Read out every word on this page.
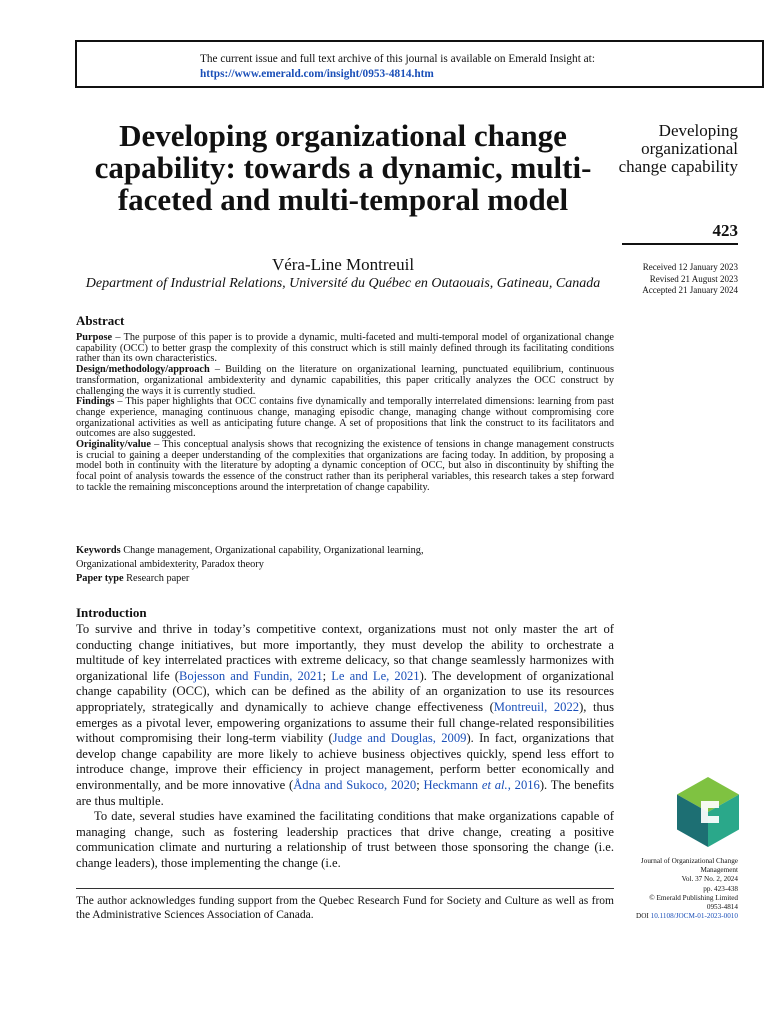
The current issue and full text archive of this journal is available on Emerald Insight at:
https://www.emerald.com/insight/0953-4814.htm
Developing organizational change capability: towards a dynamic, multi-faceted and multi-temporal model
Véra-Line Montreuil
Department of Industrial Relations, Université du Québec en Outaouais, Gatineau, Canada
Developing organizational change capability
423
Received 12 January 2023
Revised 21 August 2023
Accepted 21 January 2024
Abstract

Purpose – The purpose of this paper is to provide a dynamic, multi-faceted and multi-temporal model of organizational change capability (OCC) to better grasp the complexity of this construct which is still mainly defined through its facilitating conditions rather than its own characteristics.

Design/methodology/approach – Building on the literature on organizational learning, punctuated equilibrium, continuous transformation, organizational ambidexterity and dynamic capabilities, this paper critically analyzes the OCC construct by challenging the ways it is currently studied.

Findings – This paper highlights that OCC contains five dynamically and temporally interrelated dimensions: learning from past change experience, managing continuous change, managing episodic change, managing change without compromising core organizational activities as well as anticipating future change. A set of propositions that link the construct to its facilitators and outcomes are also suggested.

Originality/value – This conceptual analysis shows that recognizing the existence of tensions in change management constructs is crucial to gaining a deeper understanding of the complexities that organizations are facing today. In addition, by proposing a model both in continuity with the literature by adopting a dynamic conception of OCC, but also in discontinuity by shifting the focal point of analysis towards the essence of the construct rather than its peripheral variables, this research takes a step forward to tackle the remaining misconceptions around the interpretation of change capability.

Keywords Change management, Organizational capability, Organizational learning,
Organizational ambidexterity, Paradox theory
Paper type Research paper
Introduction

To survive and thrive in today’s competitive context, organizations must not only master the art of conducting change initiatives, but more importantly, they must develop the ability to orchestrate a multitude of key interrelated practices with extreme delicacy, so that change seamlessly harmonizes with organizational life (Bojesson and Fundin, 2021; Le and Le, 2021). The development of organizational change capability (OCC), which can be defined as the ability of an organization to use its resources appropriately, strategically and dynamically to achieve change effectiveness (Montreuil, 2022), thus emerges as a pivotal lever, empowering organizations to assume their full change-related responsibilities without compromising their long-term viability (Judge and Douglas, 2009). In fact, organizations that develop change capability are more likely to achieve business objectives quickly, spend less effort to introduce change, improve their efficiency in project management, perform better economically and environmentally, and be more innovative (Ådna and Sukoco, 2020; Heckmann et al., 2016). The benefits are thus multiple.

To date, several studies have examined the facilitating conditions that make organizations capable of managing change, such as fostering leadership practices that drive change, creating a positive communication climate and nurturing a relationship of trust between those sponsoring the change (i.e. change leaders), those implementing the change (i.e.

The author acknowledges funding support from the Quebec Research Fund for Society and Culture as well as from the Administrative Sciences Association of Canada.
Journal of Organizational Change Management
Vol. 37 No. 2, 2024
pp. 423-438
© Emerald Publishing Limited
0953-4814
DOI 10.1108/JOCM-01-2023-0010
